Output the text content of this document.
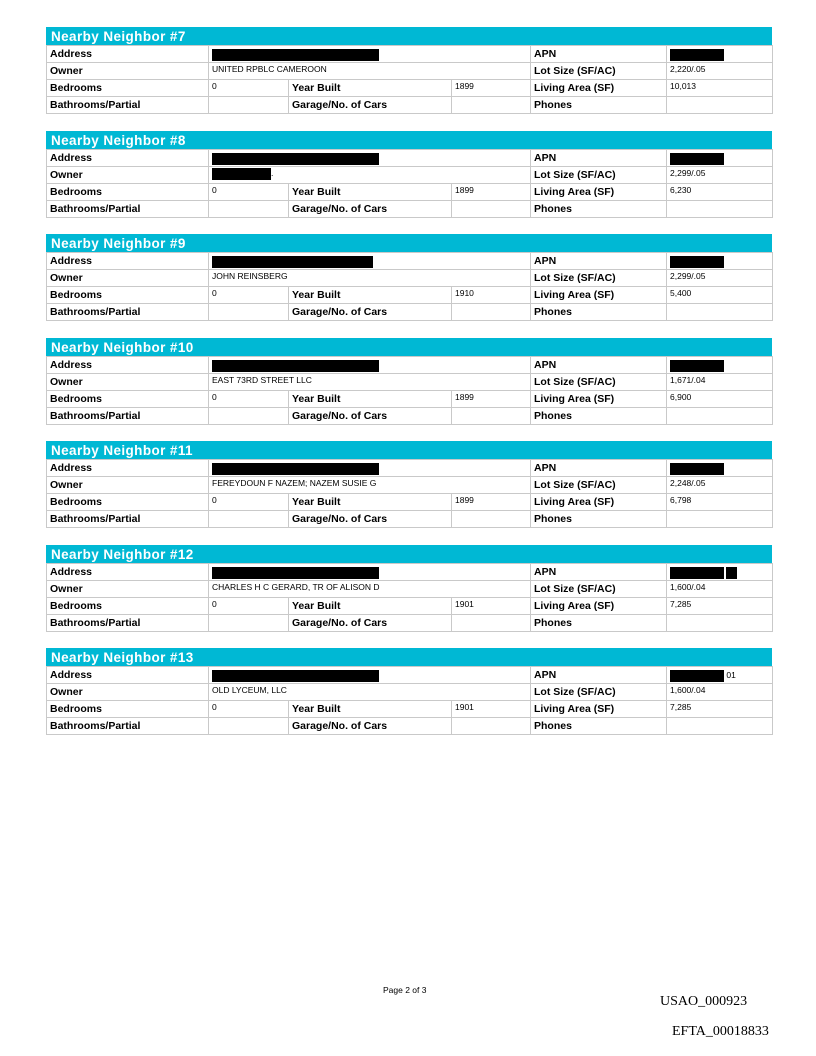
Nearby Neighbor #7
Address				APN	
Owner	UNITED RPBLC CAMEROON			Lot Size (SF/AC)	2,220/.05
Bedrooms	0	Year Built	1899	Living Area (SF)	10,013
Bathrooms/Partial		Garage/No. of Cars		Phones	
Nearby Neighbor #8
Address				APN	
Owner	.			Lot Size (SF/AC)	2,299/.05
Bedrooms	0	Year Built	1899	Living Area (SF)	6,230
Bathrooms/Partial		Garage/No. of Cars		Phones	
Nearby Neighbor #9
Address				APN	
Owner	JOHN REINSBERG			Lot Size (SF/AC)	2,299/.05
Bedrooms	0	Year Built	1910	Living Area (SF)	5,400
Bathrooms/Partial		Garage/No. of Cars		Phones	
Nearby Neighbor #10
Address				APN	
Owner	EAST 73RD STREET LLC			Lot Size (SF/AC)	1,671/.04
Bedrooms	0	Year Built	1899	Living Area (SF)	6,900
Bathrooms/Partial		Garage/No. of Cars		Phones	
Nearby Neighbor #11
Address				APN	
Owner	FEREYDOUN F NAZEM; NAZEM SUSIE G			Lot Size (SF/AC)	2,248/.05
Bedrooms	0	Year Built	1899	Living Area (SF)	6,798
Bathrooms/Partial		Garage/No. of Cars		Phones	
Nearby Neighbor #12
Address				APN	
Owner	CHARLES H C GERARD, TR OF ALISON D			Lot Size (SF/AC)	1,600/.04
Bedrooms	0	Year Built	1901	Living Area (SF)	7,285
Bathrooms/Partial		Garage/No. of Cars		Phones	
Nearby Neighbor #13
Address				APN	01
Owner	OLD LYCEUM, LLC			Lot Size (SF/AC)	1,600/.04
Bedrooms	0	Year Built	1901	Living Area (SF)	7,285
Bathrooms/Partial		Garage/No. of Cars		Phones	
Page 2 of 3
USAO_000923
EFTA_00018833
